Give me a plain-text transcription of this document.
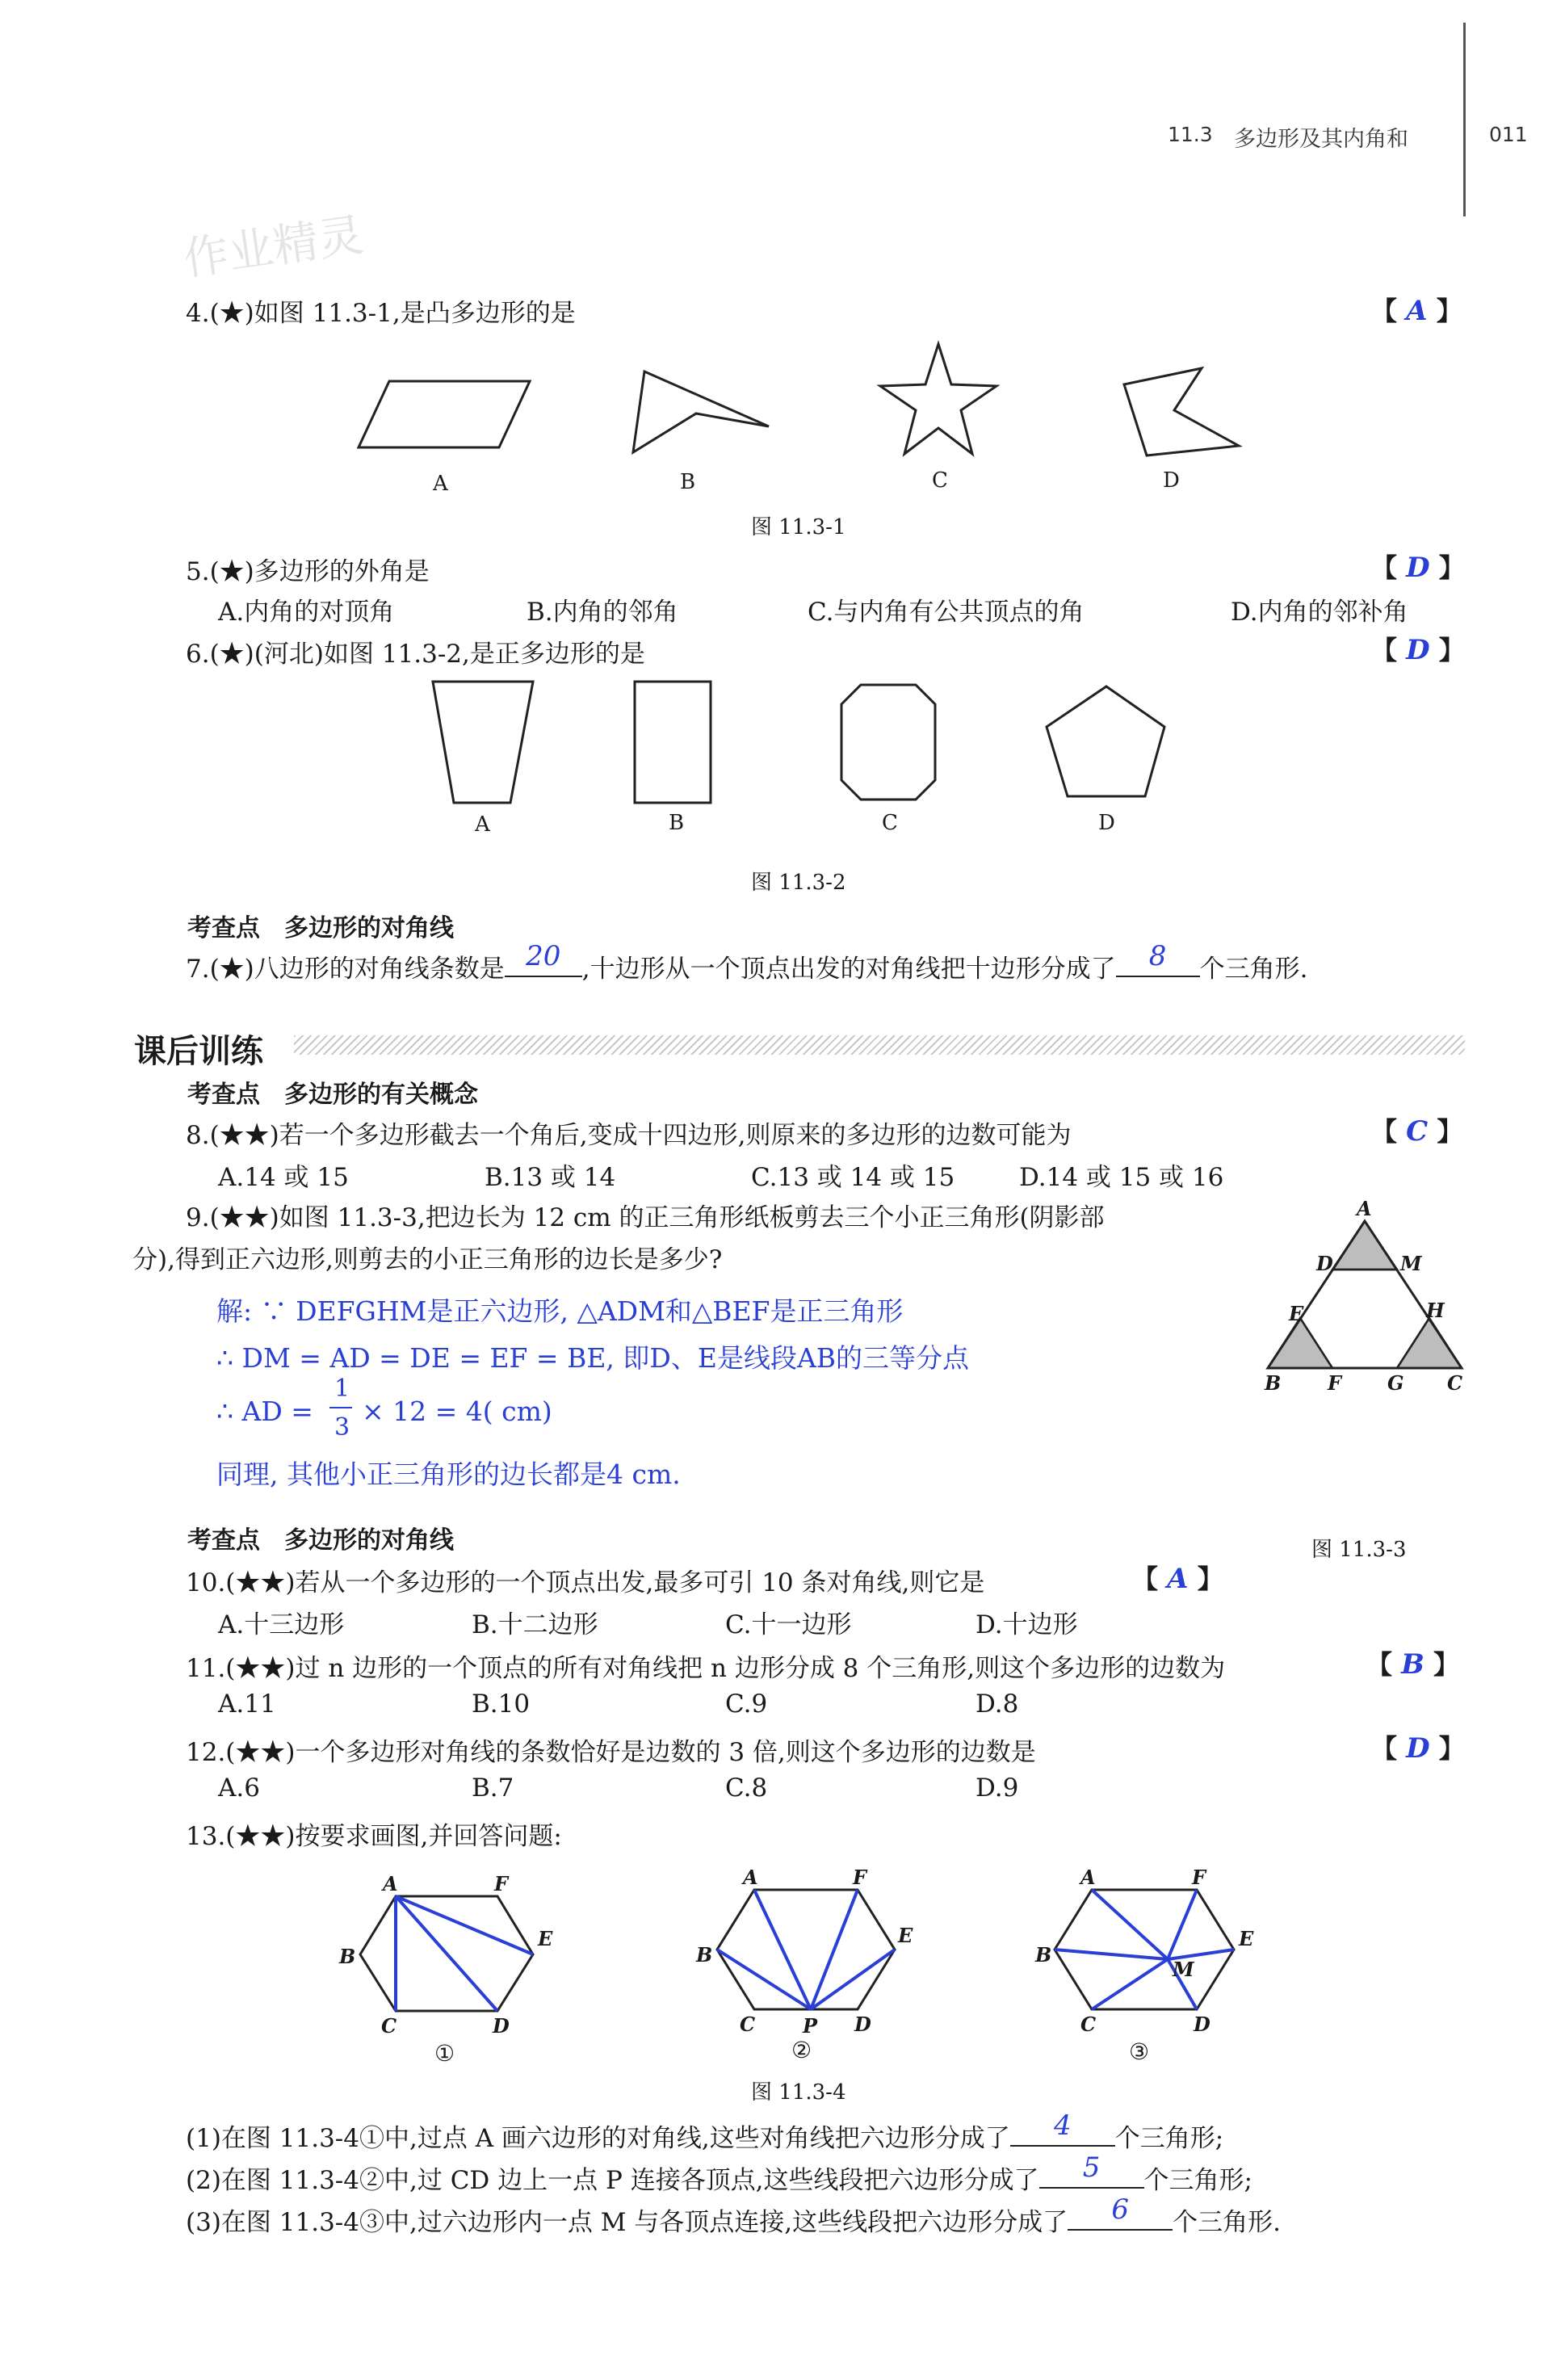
11.3 多边形及其内角和	011
作业精灵
4.(★)如图 11.3-1,是凸多边形的是	【 A 】
A	B	C	D
图 11.3-1
5.(★)多边形的外角是	【 D 】
A.内角的对顶角	B.内角的邻角	C.与内角有公共顶点的角	D.内角的邻补角
6.(★)(河北)如图 11.3-2,是正多边形的是	【 D 】
A	B	C	D
图 11.3-2
考查点　多边形的对角线
7.(★)八边形的对角线条数是 20 ,十边形从一个顶点出发的对角线把十边形分成了	8	个三角形.
课后训练
考查点　多边形的有关概念
8.(★★)若一个多边形截去一个角后,变成十四边形,则原来的多边形的边数可能为	【 C 】
A.14 或 15	B.13 或 14	C.13 或 14 或 15	D.14 或 15 或 16
9.(★★)如图 11.3-3,把边长为 12 cm 的正三角形纸板剪去三个小正三角形(阴影部
分),得到正六边形,则剪去的小正三角形的边长是多少?
解: ∵ DEFGHM是正六边形, △ADM和△BEF是正三角形
∴ DM = AD = DE = EF = BE, 即D、E是线段AB的三等分点
∴ AD =
1
3
× 12 = 4( cm)
同理, 其他小正三角形的边长都是4 cm.
A
D	M
E	H
B F G C
图 11.3-3
考查点　多边形的对角线
10.(★★)若从一个多边形的一个顶点出发,最多可引 10 条对角线,则它是	【 A 】
A.十三边形	B.十二边形	C.十一边形	D.十边形
11.(★★)过 n 边形的一个顶点的所有对角线把 n 边形分成 8 个三角形,则这个多边形的边数为	【 B 】
A.11	B.10	C.9	D.8
12.(★★)一个多边形对角线的条数恰好是边数的 3 倍,则这个多边形的边数是	【 D 】
A.6	B.7	C.8	D.9
13.(★★)按要求画图,并回答问题:
A	F
B
E
C	D
①
A	F
B
E
C P D
②
A	F
B
E
M
C	D
③
图 11.3-4
(1)在图 11.3-4①中,过点 A 画六边形的对角线,这些对角线把六边形分成了	4	个三角形;
(2)在图 11.3-4②中,过 CD 边上一点 P 连接各顶点,这些线段把六边形分成了	5	个三角形;
(3)在图 11.3-4③中,过六边形内一点 M 与各顶点连接,这些线段把六边形分成了	6	个三角形.
